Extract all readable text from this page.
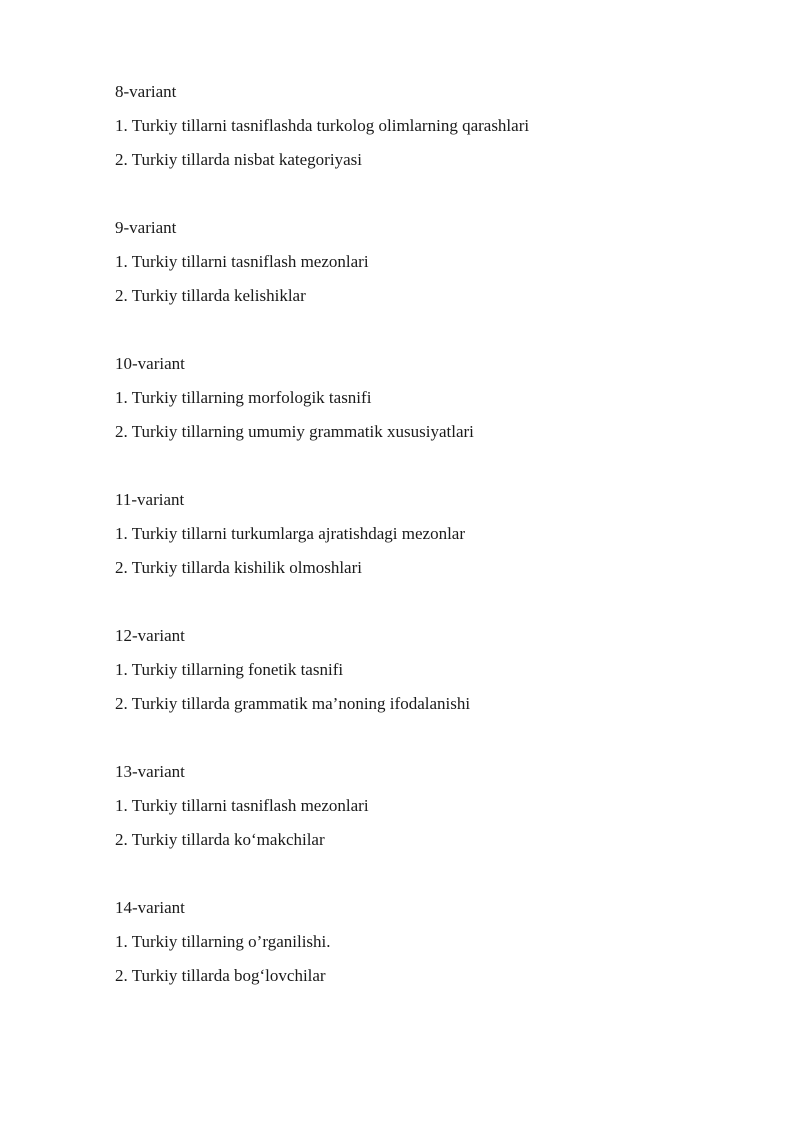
8-variant
1. Turkiy tillarni tasniflashda turkolog olimlarning qarashlari
2. Turkiy tillarda nisbat kategoriyasi
9-variant
1. Turkiy tillarni tasniflash mezonlari
2. Turkiy tillarda kelishiklar
10-variant
1. Turkiy tillarning morfologik tasnifi
2. Turkiy tillarning umumiy grammatik xususiyatlari
11-variant
1. Turkiy tillarni turkumlarga ajratishdagi mezonlar
2. Turkiy tillarda kishilik olmoshlari
12-variant
1. Turkiy tillarning fonetik tasnifi
2. Turkiy tillarda grammatik ma’noning ifodalanishi
13-variant
1. Turkiy tillarni tasniflash mezonlari
2. Turkiy tillarda ko‘makchilar
14-variant
1. Turkiy tillarning o’rganilishi.
2. Turkiy tillarda bog‘lovchilar
